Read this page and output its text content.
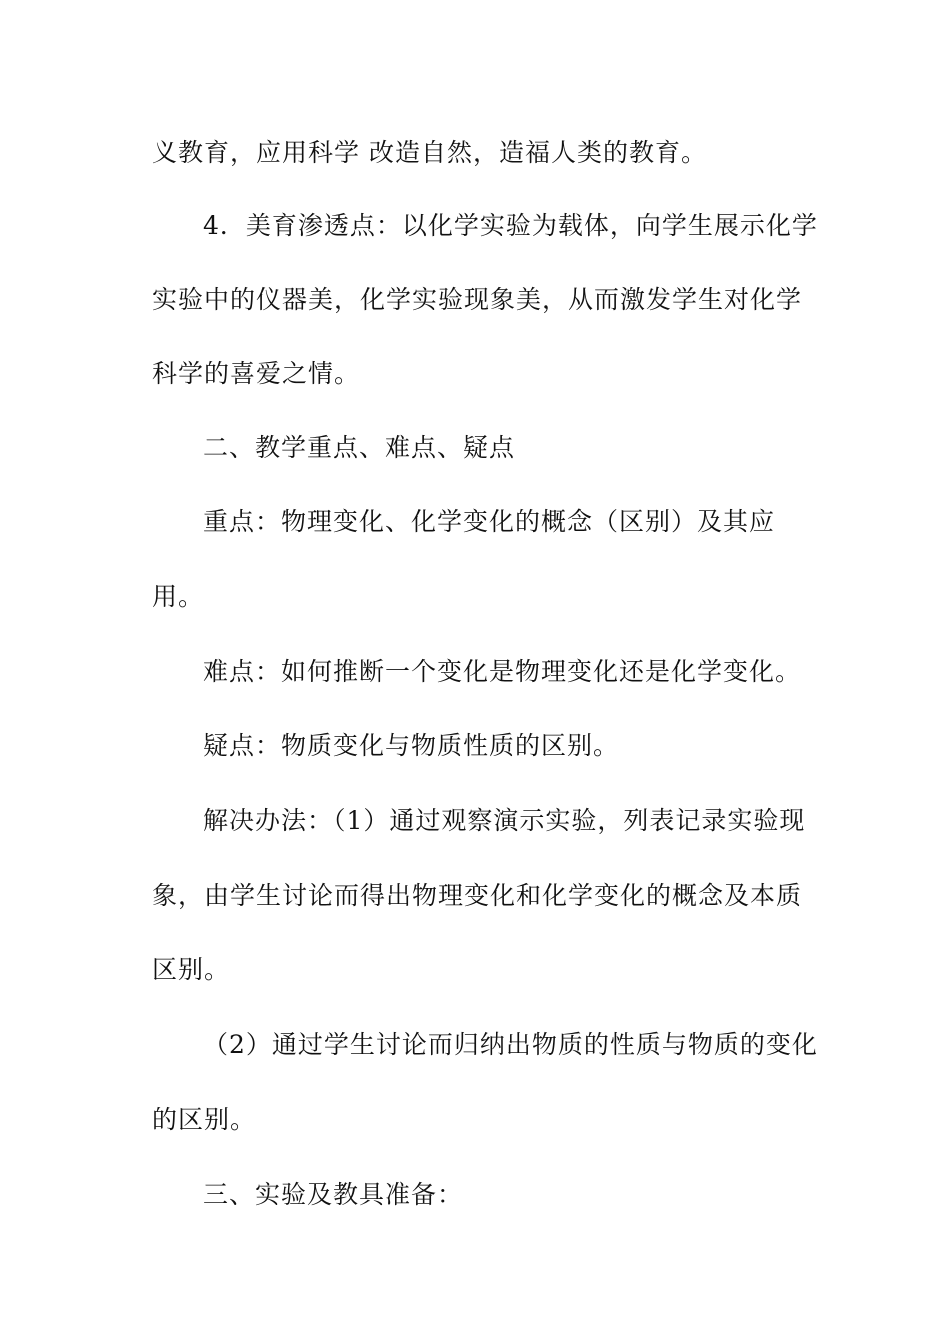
义教育，应用科学 改造自然，造福人类的教育。
4．美育渗透点：以化学实验为载体，向学生展示化学
实验中的仪器美，化学实验现象美，从而激发学生对化学
科学的喜爱之情。
二、教学重点、难点、疑点
重点：物理变化、化学变化的概念（区别）及其应
用。
难点：如何推断一个变化是物理变化还是化学变化。
疑点：物质变化与物质性质的区别。
解决办法：（1）通过观察演示实验，列表记录实验现
象，由学生讨论而得出物理变化和化学变化的概念及本质
区别。
（2）通过学生讨论而归纳出物质的性质与物质的变化
的区别。
三、实验及教具准备：
